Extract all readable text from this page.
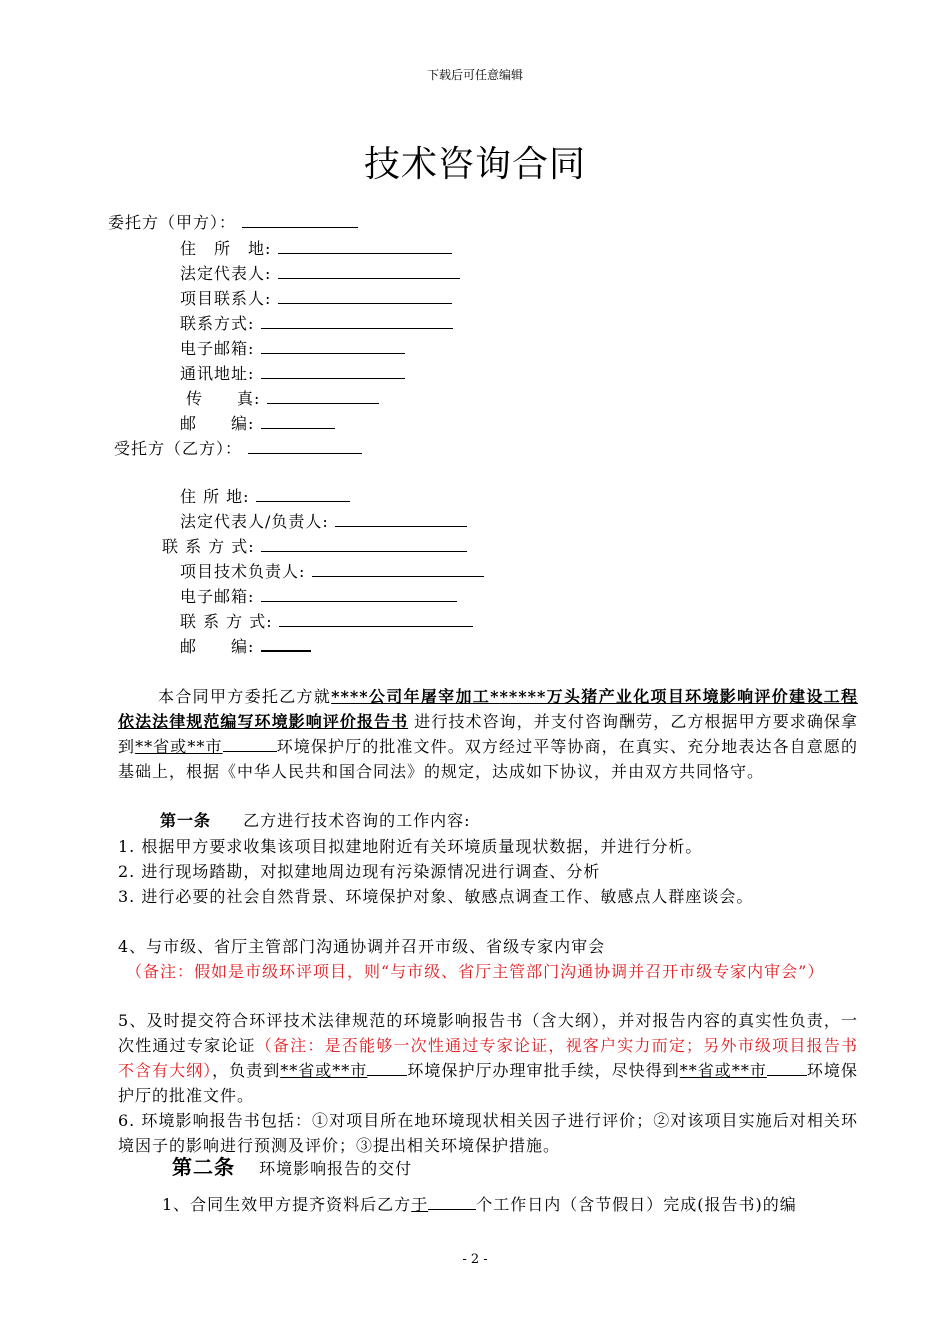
下载后可任意编辑
技术咨询合同
委托方（甲方）：
住　所　地:
法定代表人:
项目联系人:
联系方式:
电子邮箱:
通讯地址:
传　　真:
邮　　编:
受托方（乙方）：
住 所 地:
法定代表人/负责人:
联 系 方 式:
项目技术负责人:
电子邮箱:
联 系 方 式:
邮　　编:
本合同甲方委托乙方就****公司年屠宰加工******万头猪产业化项目环境影响评价建设工程依法法律规范编写环境影响评价报告书 进行技术咨询，并支付咨询酬劳，乙方根据甲方要求确保拿到**省或**市	环境保护厅的批准文件。双方经过平等协商，在真实、充分地表达各自意愿的基础上，根据《中华人民共和国合同法》的规定，达成如下协议，并由双方共同恪守。
第一条 乙方进行技术咨询的工作内容:
1. 根据甲方要求收集该项目拟建地附近有关环境质量现状数据，并进行分析。
2. 进行现场踏勘，对拟建地周边现有污染源情况进行调查、分析
3. 进行必要的社会自然背景、环境保护对象、敏感点调查工作、敏感点人群座谈会。
4、与市级、省厅主管部门沟通协调并召开市级、省级专家内审会
（备注：假如是市级环评项目，则“与市级、省厅主管部门沟通协调并召开市级专家内审会”）
5、及时提交符合环评技术法律规范的环境影响报告书（含大纲），并对报告内容的真实性负责，一次性通过专家论证（备注：是否能够一次性通过专家论证，视客户实力而定；另外市级项目报告书不含有大纲），负责到**省或**市	环境保护厅办理审批手续，尽快得到**省或**市	环境保护厅的批准文件。
6. 环境影响报告书包括：①对项目所在地环境现状相关因子进行评价；②对该项目实施后对相关环境因子的影响进行预测及评价；③提出相关环境保护措施。
第二条 环境影响报告的交付
1、合同生效甲方提齐资料后乙方于	个工作日内（含节假日）完成(报告书)的编
- 2 -
